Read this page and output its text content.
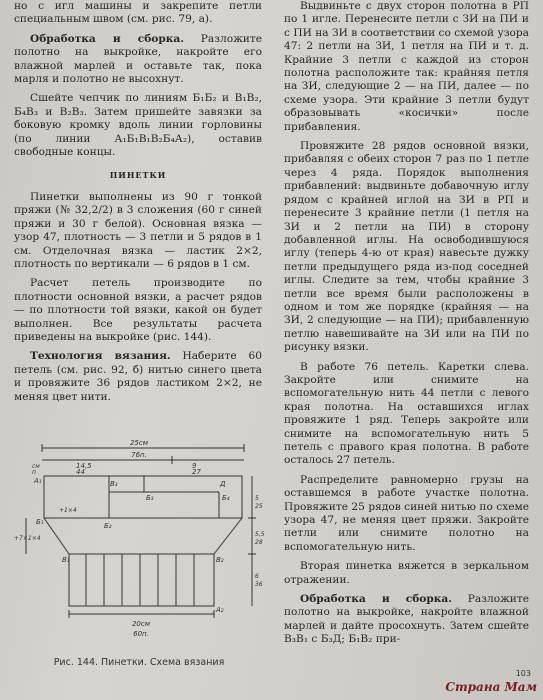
но с игл машины и закрепите петли специальным швом (см. рис. 79, а).

Обработка и сборка. Разложите полотно на выкройке, накройте его влажной марлей и оставьте так, пока марля и полотно не высохнут.

Сшейте чепчик по линиям Б₁Б₂ и В₁В₂, Б₄В₃ и В₂В₃. Затем пришейте завязки за боковую кромку вдоль линии горловины (по линии А₁Б₁В₁В₂Б₄А₂), оставив свободные концы.

ПИНЕТКИ

Пинетки выполнены из 90 г тонкой пряжи (№ 32,2/2) в 3 сложения (60 г синей пряжи и 30 г белой). Основная вязка — узор 47, плотность — 3 петли и 5 рядов в 1 см. Отделочная вязка — ластик 2×2, плотность по вертикали — 6 рядов в 1 см.

Расчет петель производите по плотности основной вязки, а расчет рядов — по плотности той вязки, какой он будет выполнен. Все результаты расчета приведены на выкройке (рис. 144).

Технология вязания. Наберите 60 петель (см. рис. 92, б) нитью синего цвета и провяжите 36 рядов ластиком 2×2, не меняя цвет нити.

25см
76п.
см
п
14,5
44
9
27
А₁
Б₁	Б₂
Б₃	Б₄
В₁	В₂
В₃	Д
А₂
+1×4
+7×1×4
5
25
5,5
28
6
36
20см
60п.
Рис. 144. Пинетки. Схема вязания

Выдвиньте с двух сторон полотна в РП по 1 игле. Перенесите петли с ЗИ на ПИ и с ПИ на ЗИ в соответствии со схемой узора 47: 2 петли на ЗИ, 1 петля на ПИ и т. д. Крайние 3 петли с каждой из сторон полотна расположите так: крайняя петля на ЗИ, следующие 2 — на ПИ, далее — по схеме узора. Эти крайние 3 петли будут образовывать «косички» после прибавления.

Провяжите 28 рядов основной вязки, прибавляя с обеих сторон 7 раз по 1 петле через 4 ряда. Порядок выполнения прибавлений: выдвиньте добавочную иглу рядом с крайней иглой на ЗИ в РП и перенесите 3 крайние петли (1 петля на ЗИ и 2 петли на ПИ) в сторону добавленной иглы. На освободившуюся иглу (теперь 4-ю от края) навесьте дужку петли предыдущего ряда из-под соседней иглы. Следите за тем, чтобы крайние 3 петли все время были расположены в одном и том же порядке (крайняя — на ЗИ, 2 следующие — на ПИ); прибавленную петлю навешивайте на ЗИ или на ПИ по рисунку вязки.

В работе 76 петель. Каретки слева. Закройте или снимите на вспомогательную нить 44 петли с левого края полотна. На оставшихся иглах провяжите 1 ряд. Теперь закройте или снимите на вспомогательную нить 5 петель с правого края полотна. В работе осталось 27 петель.

Распределите равномерно грузы на оставшемся в работе участке полотна. Провяжите 25 рядов синей нитью по схеме узора 47, не меняя цвет пряжи. Закройте петли или снимите полотно на вспомогательную нить.

Вторая пинетка вяжется в зеркальном отражении.

Обработка и сборка. Разложите полотно на выкройке, накройте влажной марлей и дайте просохнуть. Затем сшейте В₃В₁ с Б₃Д; Б₁В₂ при-

103
Страна Мам
